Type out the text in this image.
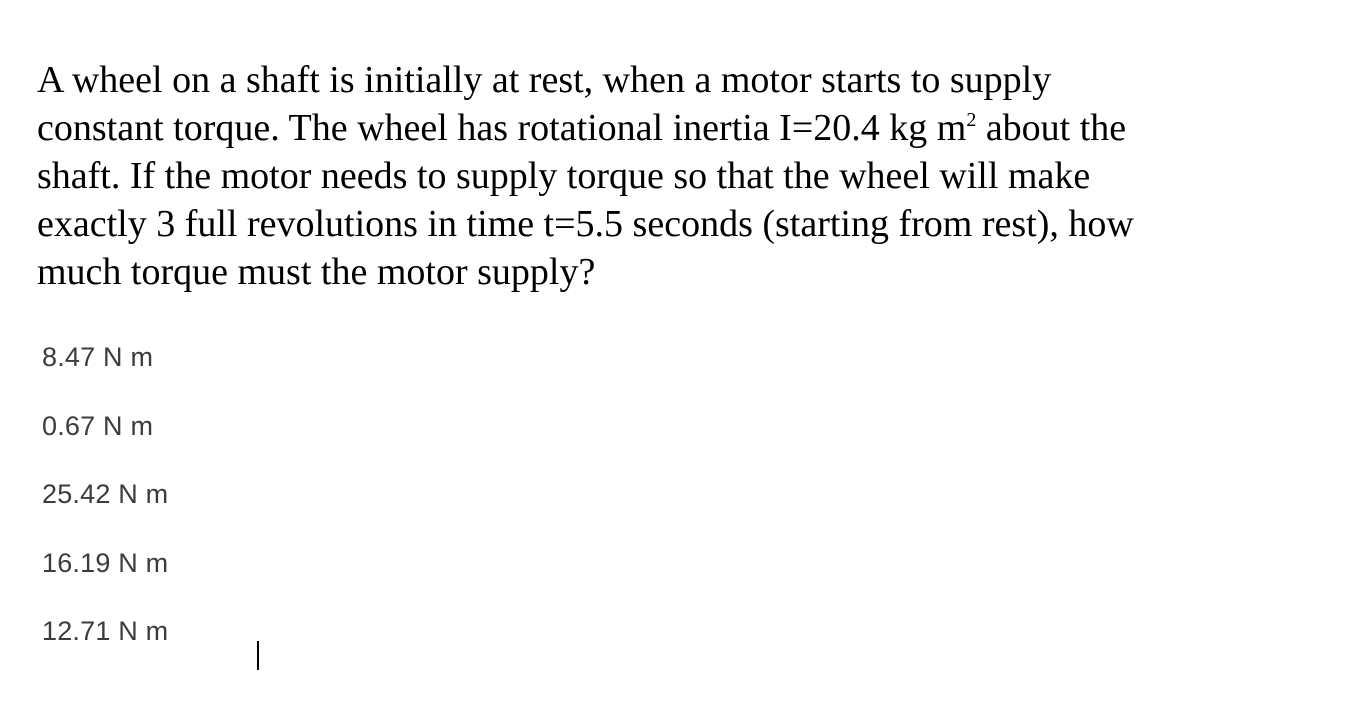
A wheel on a shaft is initially at rest, when a motor starts to supply
constant torque. The wheel has rotational inertia I=20.4 kg $m^2$ about the
shaft. If the motor needs to supply torque so that the wheel will make
exactly 3 full revolutions in time t=5.5 seconds (starting from rest), how
much torque must the motor supply?
8.47 N m
0.67 N m
25.42 N m
16.19 N m
12.71 N m
